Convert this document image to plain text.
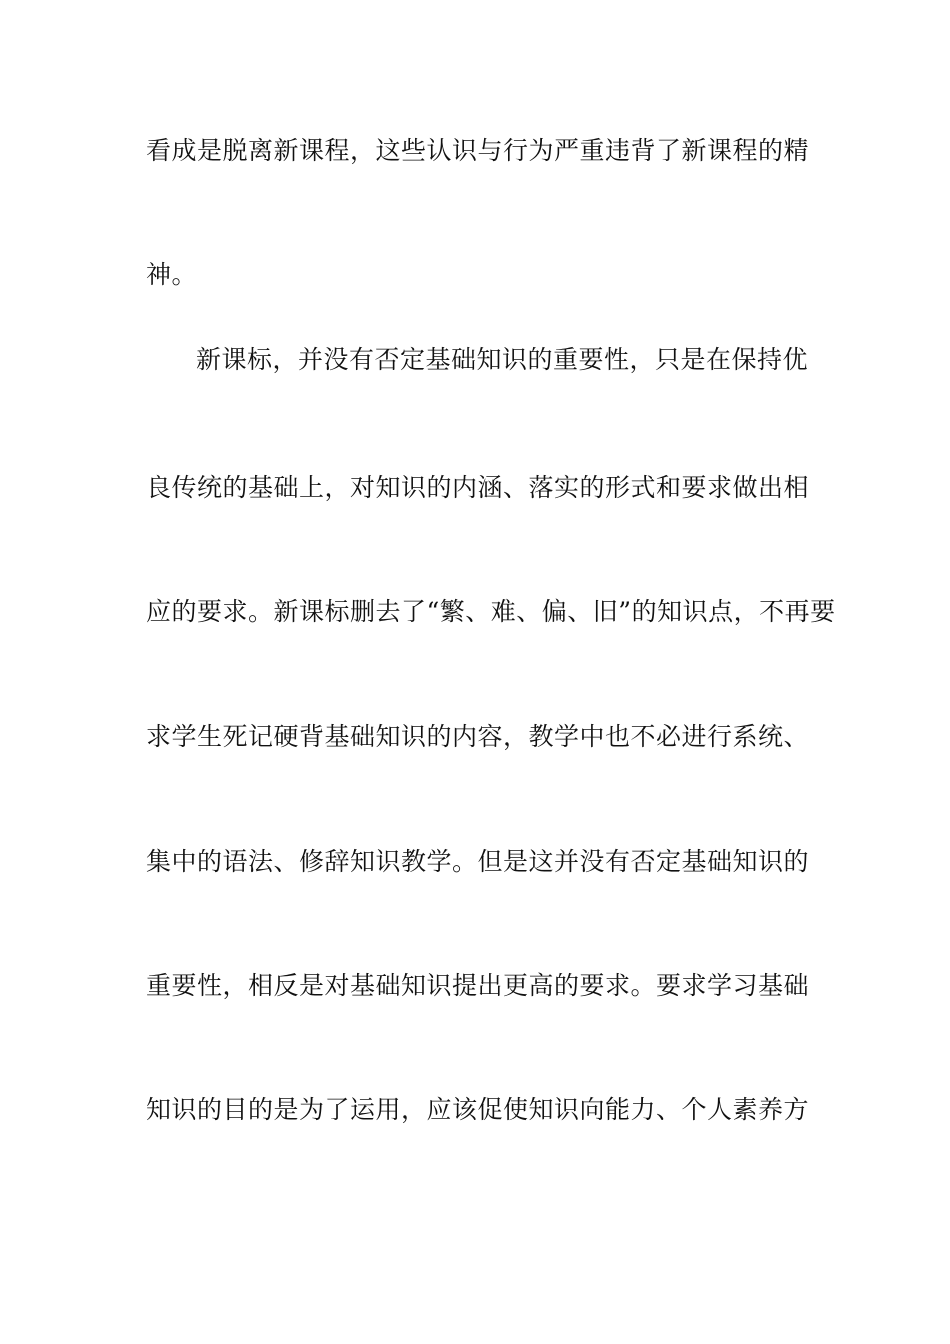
看成是脱离新课程，这些认识与行为严重违背了新课程的精
神。
新课标，并没有否定基础知识的重要性，只是在保持优
良传统的基础上，对知识的内涵、落实的形式和要求做出相
应的要求。新课标删去了“繁、难、偏、旧”的知识点，不再要
求学生死记硬背基础知识的内容，教学中也不必进行系统、
集中的语法、修辞知识教学。但是这并没有否定基础知识的
重要性，相反是对基础知识提出更高的要求。要求学习基础
知识的目的是为了运用，应该促使知识向能力、个人素养方
